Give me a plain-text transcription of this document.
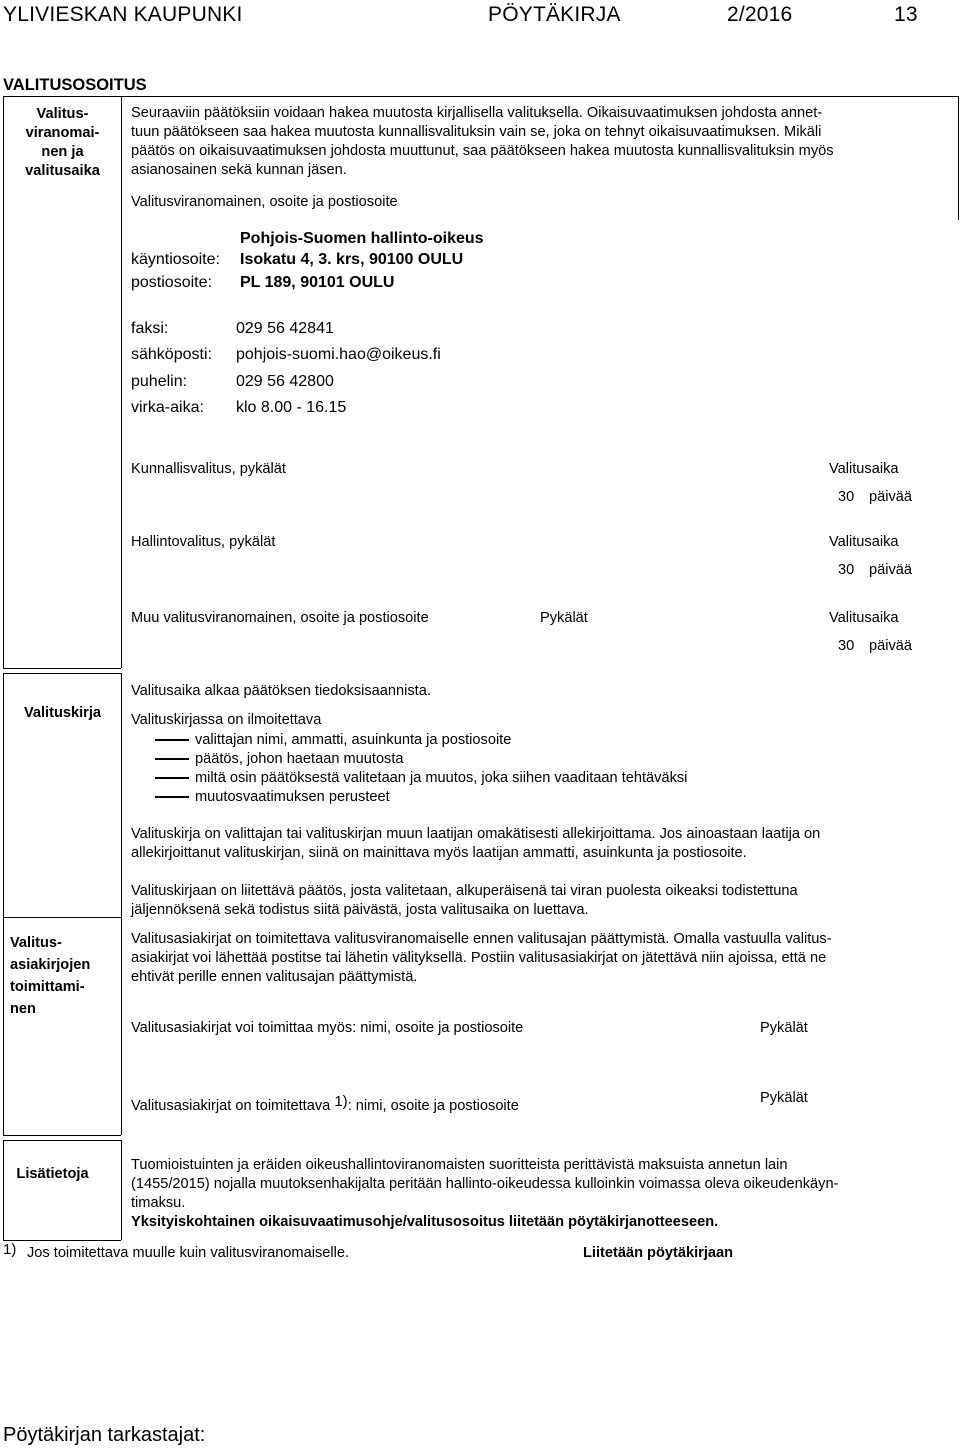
YLIVIESKAN KAUPUNKI	PÖYTÄKIRJA	2/2016	13
VALITUSOSOITUS
Valitus-
viranomai-
nen ja
valitusaika
Seuraaviin päätöksiin voidaan hakea muutosta kirjallisella valituksella. Oikaisuvaatimuksen johdosta annet-
tuun päätökseen saa hakea muutosta kunnallisvalituksin vain se, joka on tehnyt oikaisuvaatimuksen. Mikäli
päätös on oikaisuvaatimuksen johdosta muuttunut, saa päätökseen hakea muutosta kunnallisvalituksin myös
asianosainen sekä kunnan jäsen.
Valitusviranomainen, osoite ja postiosoite
Pohjois-Suomen hallinto-oikeus
käyntiosoite: Isokatu 4, 3. krs, 90100 OULU
postiosoite: PL 189, 90101 OULU
faksi:	029 56 42841
sähköposti: pohjois-suomi.hao@oikeus.fi
puhelin:	029 56 42800
virka-aika: klo 8.00 - 16.15
Kunnallisvalitus, pykälät	Valitusaika
30 päivää
Hallintovalitus, pykälät	Valitusaika
30 päivää
Muu valitusviranomainen, osoite ja postiosoite	Pykälät	Valitusaika
30 päivää
Valituskirja
Valitusaika alkaa päätöksen tiedoksisaannista.
Valituskirjassa on ilmoitettava
valittajan nimi, ammatti, asuinkunta ja postiosoite
päätös, johon haetaan muutosta
miltä osin päätöksestä valitetaan ja muutos, joka siihen vaaditaan tehtäväksi
muutosvaatimuksen perusteet
Valituskirja on valittajan tai valituskirjan muun laatijan omakätisesti allekirjoittama. Jos ainoastaan laatija on
allekirjoittanut valituskirjan, siinä on mainittava myös laatijan ammatti, asuinkunta ja postiosoite.
Valituskirjaan on liitettävä päätös, josta valitetaan, alkuperäisenä tai viran puolesta oikeaksi todistettuna
jäljennöksenä sekä todistus siitä päivästä, josta valitusaika on luettava.
Valitus-
asiakirjojen
toimittami-
nen
Valitusasiakirjat on toimitettava valitusviranomaiselle ennen valitusajan päättymistä. Omalla vastuulla valitus-
asiakirjat voi lähettää postitse tai lähetin välityksellä. Postiin valitusasiakirjat on jätettävä niin ajoissa, että ne
ehtivät perille ennen valitusajan päättymistä.
Valitusasiakirjat voi toimittaa myös: nimi, osoite ja postiosoite	Pykälät
Valitusasiakirjat on toimitettava 1): nimi, osoite ja postiosoite	Pykälät
Lisätietoja
Tuomioistuinten ja eräiden oikeushallintoviranomaisten suoritteista perittävistä maksuista annetun lain
(1455/2015) nojalla muutoksenhakijalta peritään hallinto-oikeudessa kulloinkin voimassa oleva oikeudenkäyn-
timaksu.
Yksityiskohtainen oikaisuvaatimusohje/valitusosoitus liitetään pöytäkirjanotteeseen.
1) Jos toimitettava muulle kuin valitusviranomaiselle.	Liitetään pöytäkirjaan
Pöytäkirjan tarkastajat:
